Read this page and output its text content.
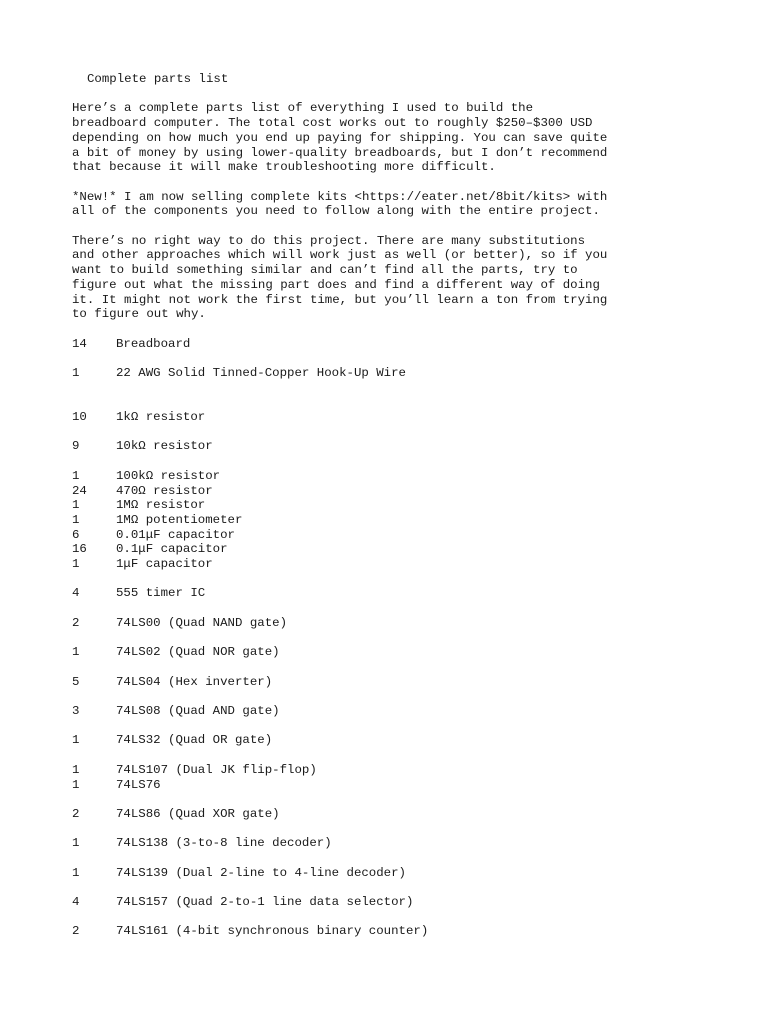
Complete parts list

Here’s a complete parts list of everything I used to build the
breadboard computer. The total cost works out to roughly $250–$300 USD
depending on how much you end up paying for shipping. You can save quite
a bit of money by using lower-quality breadboards, but I don’t recommend
that because it will make troubleshooting more difficult.

*New!* I am now selling complete kits <https://eater.net/8bit/kits> with
all of the components you need to follow along with the entire project.

There’s no right way to do this project. There are many substitutions
and other approaches which will work just as well (or better), so if you
want to build something similar and can’t find all the parts, try to
figure out what the missing part does and find a different way of doing
it. It might not work the first time, but you’ll learn a ton from trying
to figure out why.

14	Breadboard
1	22 AWG Solid Tinned-Copper Hook-Up Wire
10	1kΩ resistor
9	10kΩ resistor
1	100kΩ resistor
24	470Ω resistor
1	1MΩ resistor
1	1MΩ potentiometer
6	0.01μF capacitor
16	0.1μF capacitor
1	1μF capacitor
4	555 timer IC
2	74LS00 (Quad NAND gate)
1	74LS02 (Quad NOR gate)
5	74LS04 (Hex inverter)
3	74LS08 (Quad AND gate)
1	74LS32 (Quad OR gate)
1	74LS107 (Dual JK flip-flop)
1	74LS76
2	74LS86 (Quad XOR gate)
1	74LS138 (3-to-8 line decoder)
1	74LS139 (Dual 2-line to 4-line decoder)
4	74LS157 (Quad 2-to-1 line data selector)
2	74LS161 (4-bit synchronous binary counter)
